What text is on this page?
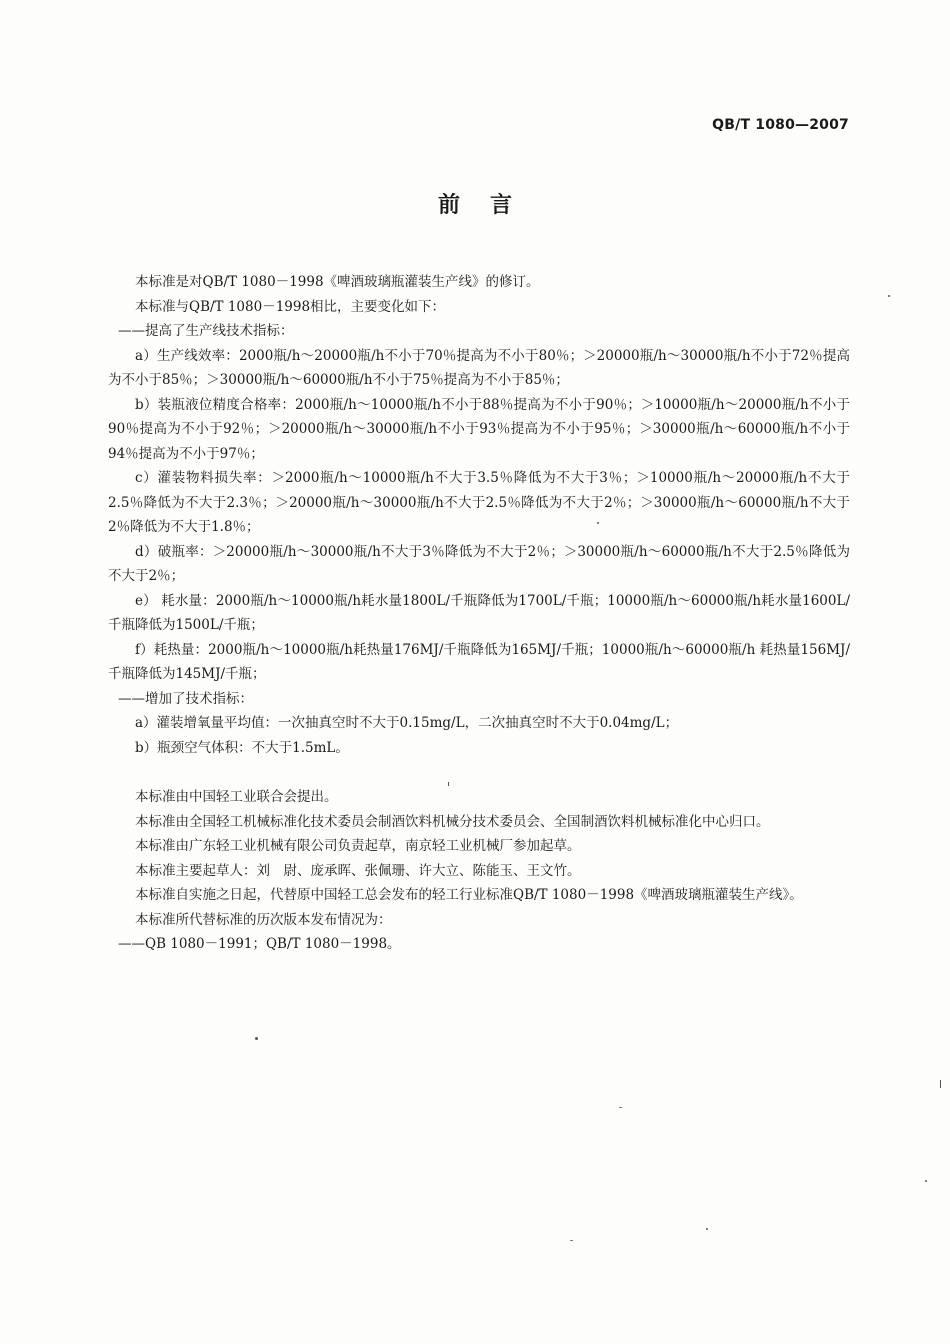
QB/T 1080—2007
前言

本标准是对QB/T 1080－1998《啤酒玻璃瓶灌装生产线》的修订。

本标准与QB/T 1080－1998相比，主要变化如下：

——提高了生产线技术指标：

a）生产线效率：2000瓶/h～20000瓶/h不小于70％提高为不小于80％；＞20000瓶/h～30000瓶/h不小于72％提高为不小于85％；＞30000瓶/h～60000瓶/h不小于75％提高为不小于85％；

b）装瓶液位精度合格率：2000瓶/h～10000瓶/h不小于88％提高为不小于90％；＞10000瓶/h～20000瓶/h不小于90％提高为不小于92％；＞20000瓶/h～30000瓶/h不小于93％提高为不小于95％；＞30000瓶/h～60000瓶/h不小于94％提高为不小于97％；

c）灌装物料损失率：＞2000瓶/h～10000瓶/h不大于3.5％降低为不大于3％；＞10000瓶/h～20000瓶/h不大于2.5％降低为不大于2.3％；＞20000瓶/h～30000瓶/h不大于2.5％降低为不大于2％；＞30000瓶/h～60000瓶/h不大于2％降低为不大于1.8％；

d）破瓶率：＞20000瓶/h～30000瓶/h不大于3％降低为不大于2％；＞30000瓶/h～60000瓶/h不大于2.5％降低为不大于2％；

e） 耗水量：2000瓶/h～10000瓶/h耗水量1800L/千瓶降低为1700L/千瓶；10000瓶/h～60000瓶/h耗水量1600L/千瓶降低为1500L/千瓶；

f）耗热量：2000瓶/h～10000瓶/h耗热量176MJ/千瓶降低为165MJ/千瓶；10000瓶/h～60000瓶/h 耗热量156MJ/千瓶降低为145MJ/千瓶；

——增加了技术指标：

a）灌装增氧量平均值：一次抽真空时不大于0.15mg/L，二次抽真空时不大于0.04mg/L；

b）瓶颈空气体积：不大于1.5mL。

本标准由中国轻工业联合会提出。

本标准由全国轻工机械标准化技术委员会制酒饮料机械分技术委员会、全国制酒饮料机械标准化中心归口。

本标准由广东轻工业机械有限公司负责起草，南京轻工业机械厂参加起草。

本标准主要起草人：刘　尉、庞承晖、张佩珊、许大立、陈能玉、王文竹。

本标准自实施之日起，代替原中国轻工总会发布的轻工行业标准QB/T 1080－1998《啤酒玻璃瓶灌装生产线》。

本标准所代替标准的历次版本发布情况为：

——QB 1080－1991；QB/T 1080－1998。
